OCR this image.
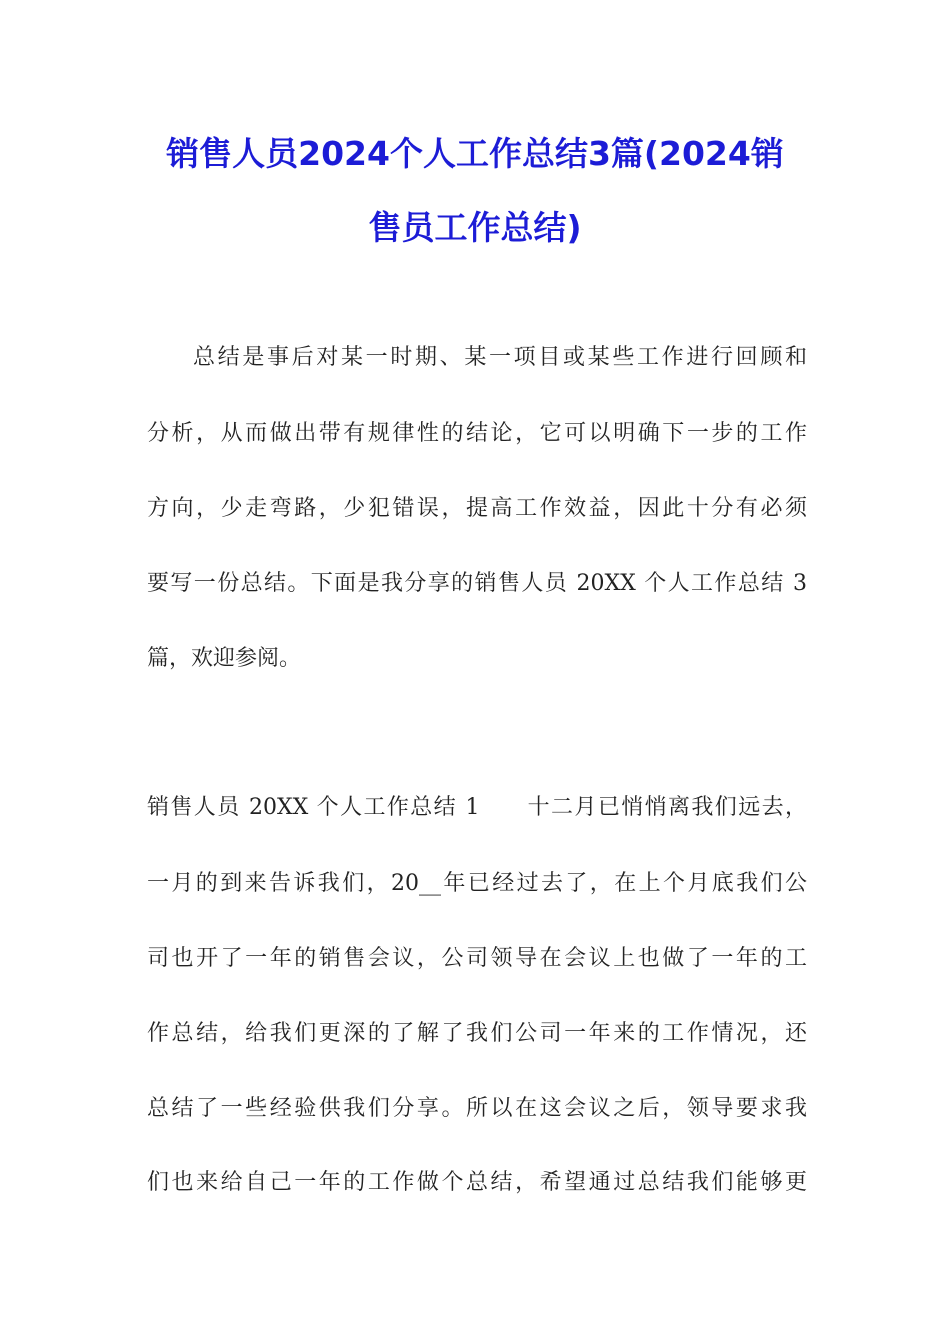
销售人员2024个人工作总结3篇(2024销
售员工作总结)
总结是事后对某一时期、某一项目或某些工作进行回顾和
分析，从而做出带有规律性的结论，它可以明确下一步的工作
方向，少走弯路，少犯错误，提高工作效益，因此十分有必须
要写一份总结。下面是我分享的销售人员 20XX 个人工作总结 3
篇，欢迎参阅。
销售人员 20XX 个人工作总结 1　　十二月已悄悄离我们远去，
一月的到来告诉我们，20__年已经过去了，在上个月底我们公
司也开了一年的销售会议，公司领导在会议上也做了一年的工
作总结，给我们更深的了解了我们公司一年来的工作情况，还
总结了一些经验供我们分享。所以在这会议之后，领导要求我
们也来给自己一年的工作做个总结，希望通过总结我们能够更
